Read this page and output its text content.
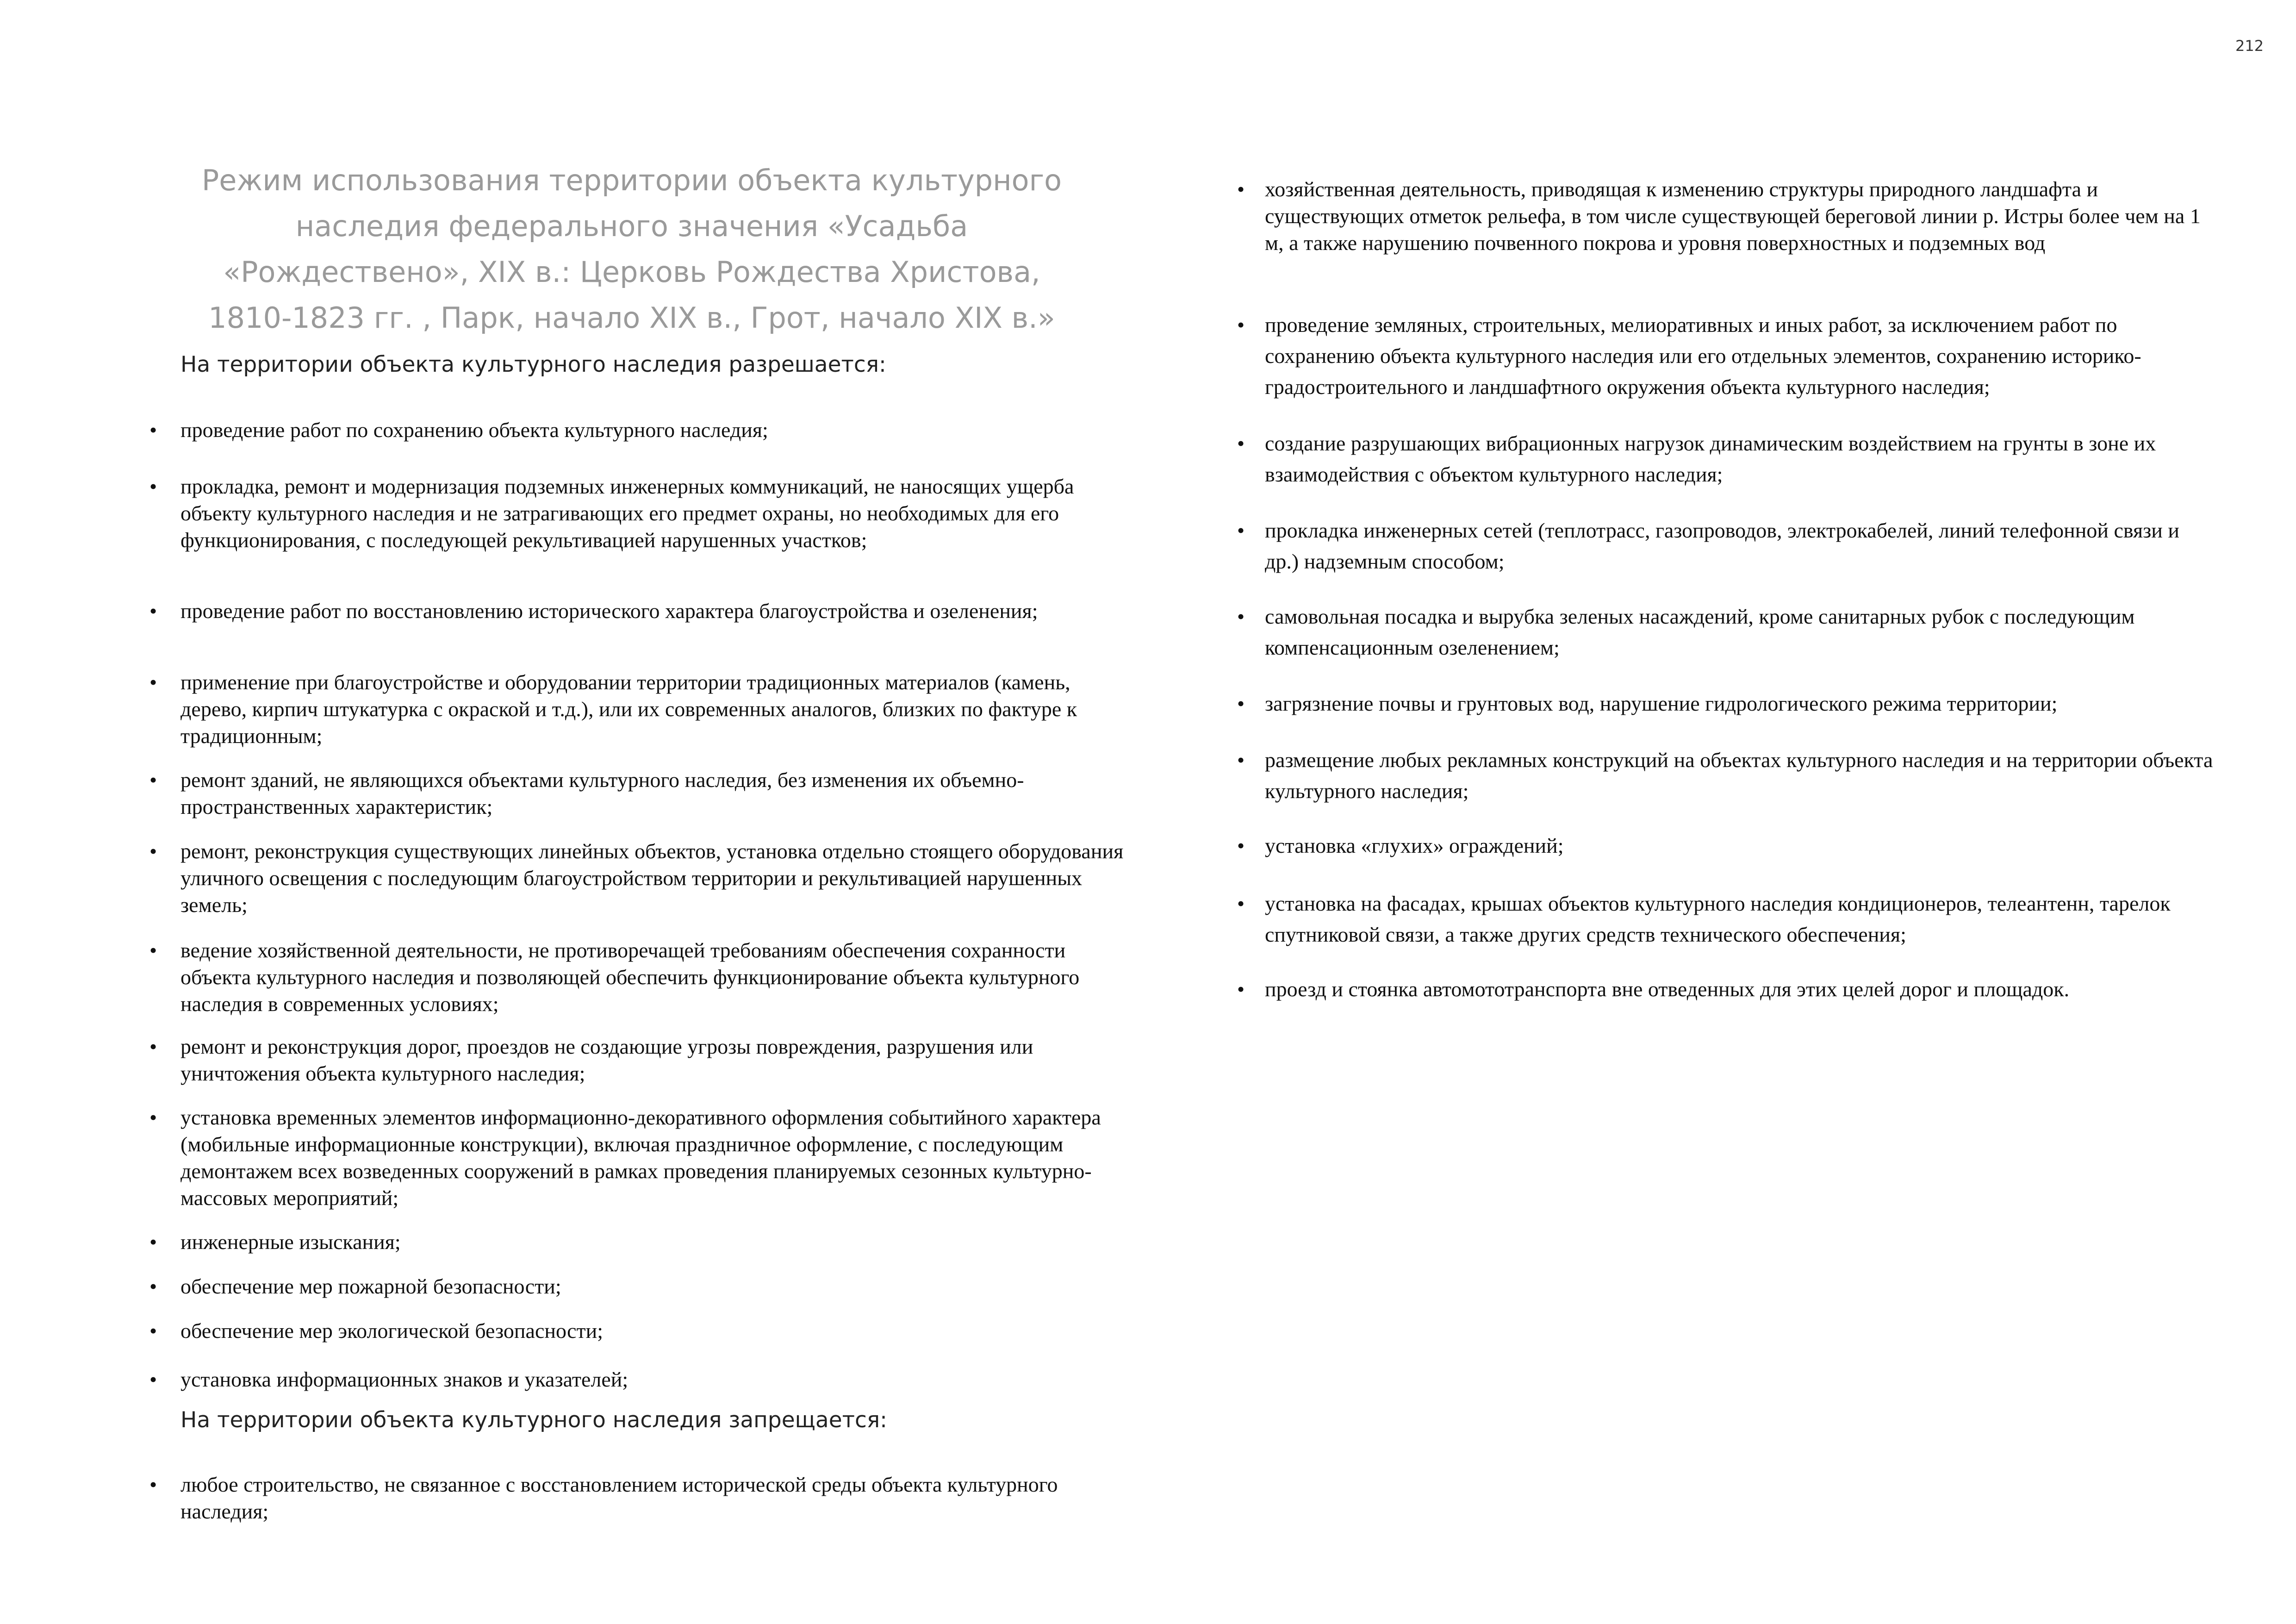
212
Режим использования территории объекта культурного
наследия федерального значения «Усадьба
«Рождествено», XIX в.: Церковь Рождества Христова,
1810-1823 гг. , Парк, начало XIX в., Грот, начало XIX в.»
На территории объекта культурного наследия разрешается:
•	проведение работ по сохранению объекта культурного наследия;
•	прокладка, ремонт и модернизация подземных инженерных коммуникаций, не наносящих ущерба объекту культурного наследия и не затрагивающих его предмет охраны, но необходимых для его функционирования, с последующей рекультивацией нарушенных участков;
•	проведение работ по восстановлению исторического характера благоустройства и озеленения;
•	применение при благоустройстве и оборудовании территории традиционных материалов (камень, дерево, кирпич штукатурка с окраской и т.д.), или их современных аналогов, близких по фактуре к традиционным;
•	ремонт зданий, не являющихся объектами культурного наследия, без изменения их объемно-пространственных характеристик;
•	ремонт, реконструкция существующих линейных объектов, установка отдельно стоящего оборудования уличного освещения с последующим благоустройством территории и рекультивацией нарушенных земель;
•	ведение хозяйственной деятельности, не противоречащей требованиям обеспечения сохранности объекта культурного наследия и позволяющей обеспечить функционирование объекта культурного наследия в современных условиях;
•	ремонт и реконструкция дорог, проездов не создающие угрозы повреждения, разрушения или уничтожения объекта культурного наследия;
•	установка временных элементов информационно-декоративного оформления событийного характера (мобильные информационные конструкции), включая праздничное оформление, с последующим демонтажем всех возведенных сооружений в рамках проведения планируемых сезонных культурно-массовых мероприятий;
•	инженерные изыскания;
•	обеспечение мер пожарной безопасности;
•	обеспечение мер экологической безопасности;
•	установка информационных знаков и указателей;
На территории объекта культурного наследия запрещается:
•	любое строительство, не связанное с восстановлением исторической среды объекта культурного наследия;
• хозяйственная деятельность, приводящая к изменению структуры природного ландшафта и существующих отметок рельефа, в том числе существующей береговой линии р. Истры более чем на 1 м, а также нарушению почвенного покрова и уровня поверхностных и подземных вод
• проведение земляных, строительных, мелиоративных и иных работ, за исключением работ по сохранению объекта культурного наследия или его отдельных элементов, сохранению историко-градостроительного и ландшафтного окружения объекта культурного наследия;
• создание разрушающих вибрационных нагрузок динамическим воздействием на грунты в зоне их взаимодействия с объектом культурного наследия;
• прокладка инженерных сетей (теплотрасс, газопроводов, электрокабелей, линий телефонной связи и др.) надземным способом;
• самовольная посадка и вырубка зеленых насаждений, кроме санитарных рубок с последующим компенсационным озеленением;
• загрязнение почвы и грунтовых вод, нарушение гидрологического режима территории;
• размещение любых рекламных конструкций на объектах культурного наследия и на территории объекта культурного наследия;
• установка «глухих» ограждений;
• установка на фасадах, крышах объектов культурного наследия кондиционеров, телеантенн, тарелок спутниковой связи, а также других средств технического обеспечения;
• проезд и стоянка автомототранспорта вне отведенных для этих целей дорог и площадок.
